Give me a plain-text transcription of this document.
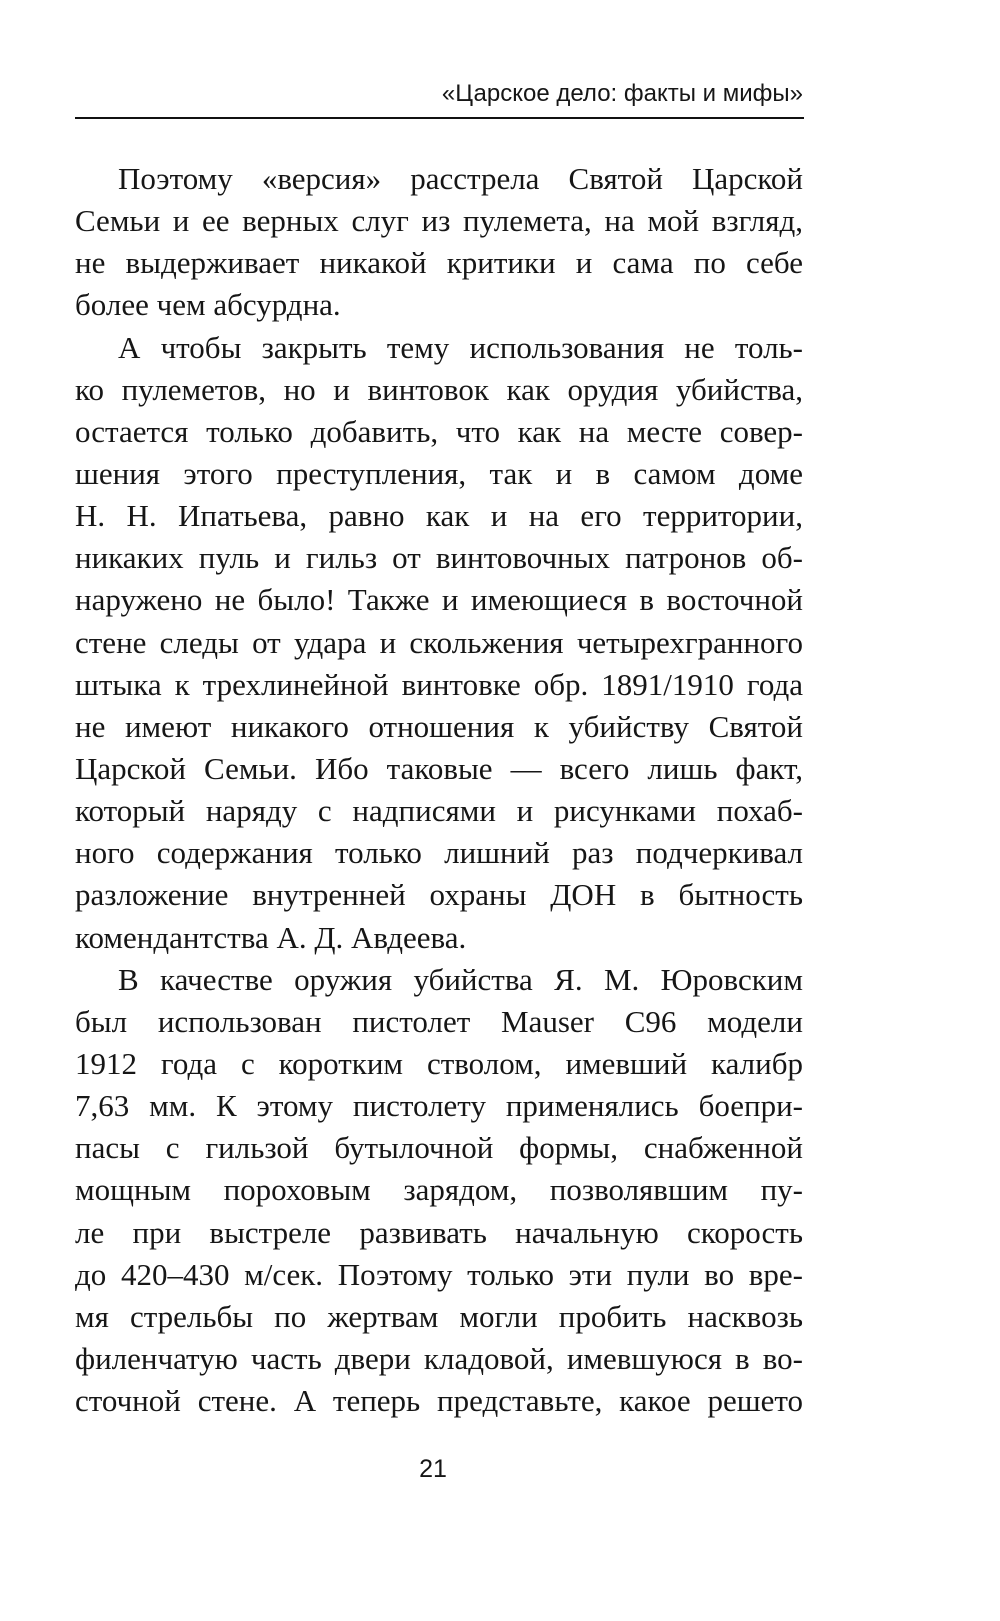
«Царское дело: факты и мифы»
Поэтому «версия» расстрела Святой Царской
Семьи и ее верных слуг из пулемета, на мой взгляд,
не выдерживает никакой критики и сама по себе
более чем абсурдна.
А чтобы закрыть тему использования не толь-
ко пулеметов, но и винтовок как орудия убийства,
остается только добавить, что как на месте совер-
шения этого преступления, так и в самом доме
Н. Н. Ипатьева, равно как и на его территории,
никаких пуль и гильз от винтовочных патронов об-
наружено не было! Также и имеющиеся в восточной
стене следы от удара и скольжения четырехгранного
штыка к трехлинейной винтовке обр. 1891/1910 года
не имеют никакого отношения к убийству Святой
Царской Семьи. Ибо таковые — всего лишь факт,
который наряду с надписями и рисунками похаб-
ного содержания только лишний раз подчеркивал
разложение внутренней охраны ДОН в бытность
комендантства А. Д. Авдеева.
В качестве оружия убийства Я. М. Юровским
был использован пистолет Mauser C96 модели
1912 года с коротким стволом, имевший калибр
7,63 мм. К этому пистолету применялись боепри-
пасы с гильзой бутылочной формы, снабженной
мощным пороховым зарядом, позволявшим пу-
ле при выстреле развивать начальную скорость
до 420–430 м/сек. Поэтому только эти пули во вре-
мя стрельбы по жертвам могли пробить насквозь
филенчатую часть двери кладовой, имевшуюся в во-
сточной стене. А теперь представьте, какое решето
21
